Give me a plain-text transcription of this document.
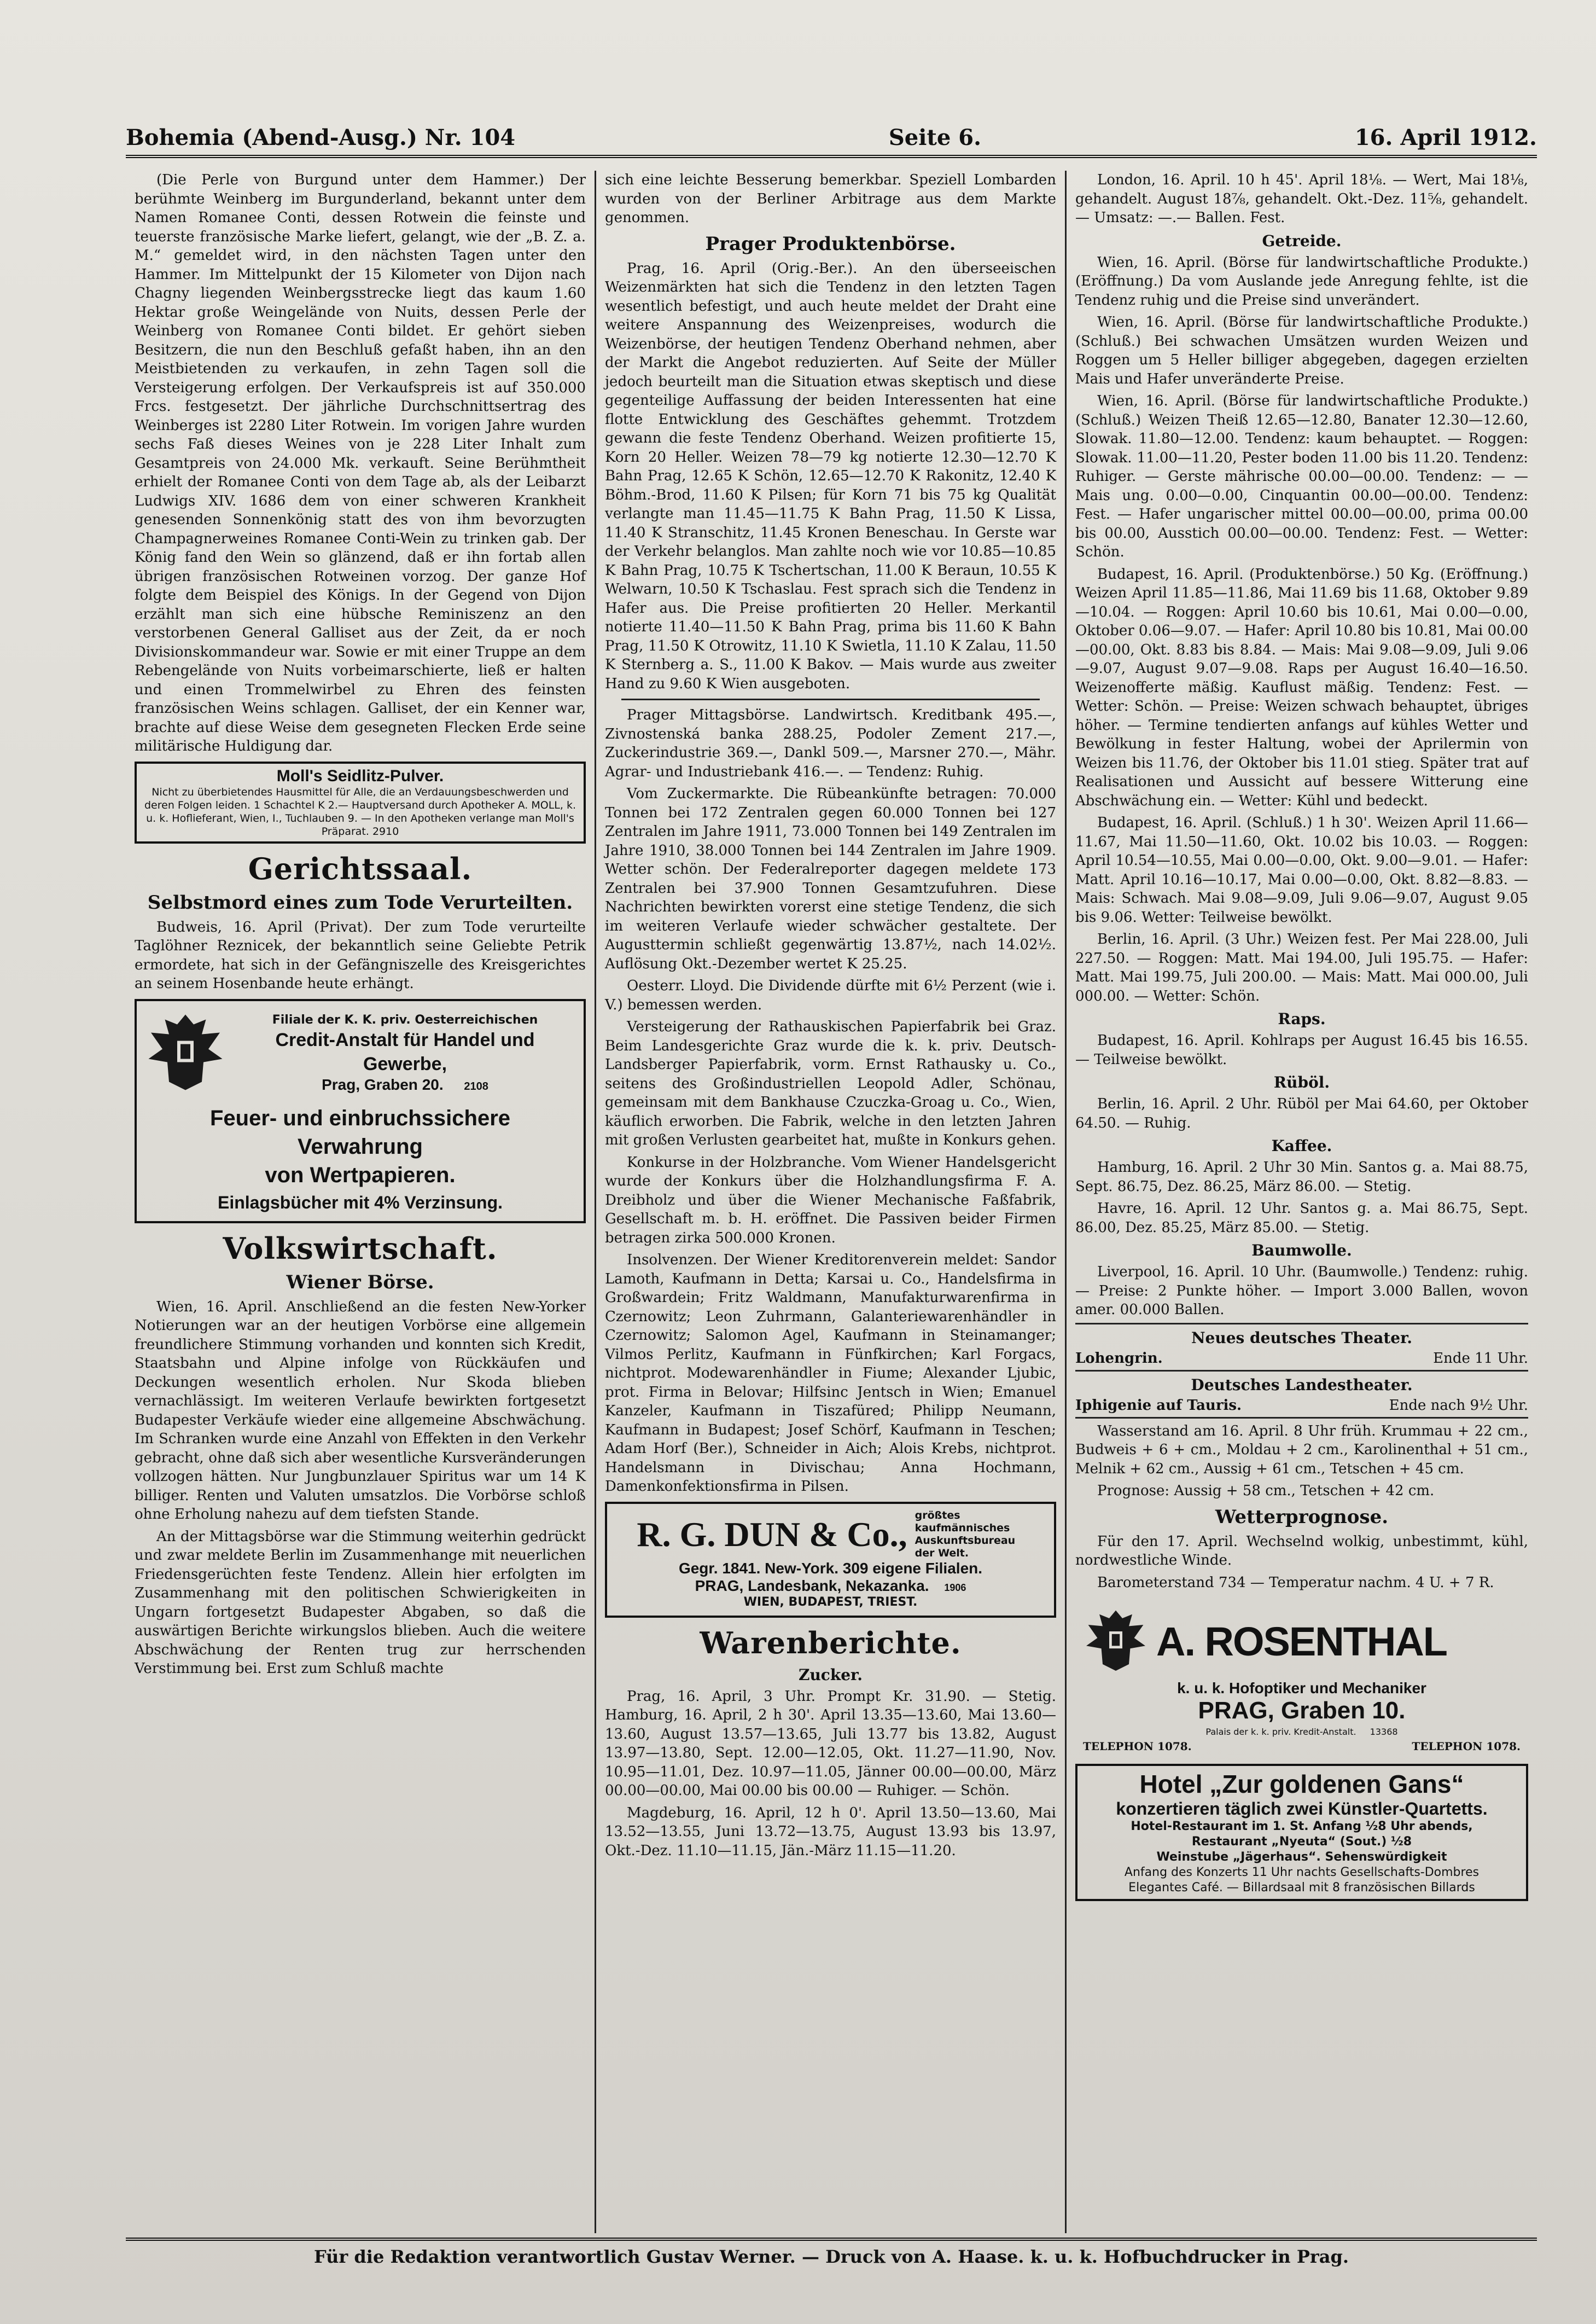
Bohemia (Abend-Ausg.) Nr. 104	Seite 6.	16. April 1912.

(Die Perle von Burgund unter dem Hammer.) Der berühmte Weinberg im Burgunderland, bekannt unter dem Namen Romanee Conti, dessen Rotwein die feinste und teuerste französische Marke liefert, gelangt, wie der „B. Z. a. M.“ gemeldet wird, in den nächsten Tagen unter den Hammer. Im Mittelpunkt der 15 Kilometer von Dijon nach Chagny liegenden Weinbergsstrecke liegt das kaum 1.60 Hektar große Weingelände von Nuits, dessen Perle der Weinberg von Romanee Conti bildet. Er gehört sieben Besitzern, die nun den Beschluß gefaßt haben, ihn an den Meistbietenden zu verkaufen, in zehn Tagen soll die Versteigerung erfolgen. Der Verkaufspreis ist auf 350.000 Frcs. festgesetzt. Der jährliche Durchschnittsertrag des Weinberges ist 2280 Liter Rotwein. Im vorigen Jahre wurden sechs Faß dieses Weines von je 228 Liter Inhalt zum Gesamtpreis von 24.000 Mk. verkauft. Seine Berühmtheit erhielt der Romanee Conti von dem Tage ab, als der Leibarzt Ludwigs XIV. 1686 dem von einer schweren Krankheit genesenden Sonnenkönig statt des von ihm bevorzugten Champagnerweines Romanee Conti-Wein zu trinken gab. Der König fand den Wein so glänzend, daß er ihn fortab allen übrigen französischen Rotweinen vorzog. Der ganze Hof folgte dem Beispiel des Königs. In der Gegend von Dijon erzählt man sich eine hübsche Reminiszenz an den verstorbenen General Galliset aus der Zeit, da er noch Divisionskommandeur war. Sowie er mit einer Truppe an dem Rebengelände von Nuits vorbeimarschierte, ließ er halten und einen Trommelwirbel zu Ehren des feinsten französischen Weins schlagen. Galliset, der ein Kenner war, brachte auf diese Weise dem gesegneten Flecken Erde seine militärische Huldigung dar.

Moll's Seidlitz-Pulver.
Nicht zu überbietendes Hausmittel für Alle, die an Verdauungsbeschwerden und deren Folgen leiden. 1 Schachtel K 2.— Hauptversand durch Apotheker A. MOLL, k. u. k. Hoflieferant, Wien, I., Tuchlauben 9. — In den Apotheken verlange man Moll's Präparat. 2910
Gerichtssaal.
Selbstmord eines zum Tode Verurteilten.

Budweis, 16. April (Privat). Der zum Tode verurteilte Taglöhner Reznicek, der bekanntlich seine Geliebte Petrik ermordete, hat sich in der Gefängniszelle des Kreisgerichtes an seinem Hosenbande heute erhängt.

Filiale der K. K. priv. Oesterreichischen
Credit-Anstalt für Handel und Gewerbe,
Prag, Graben 20. 2108
Feuer- und einbruchssichere Verwahrung
von Wertpapieren.
Einlagsbücher mit 4% Verzinsung.
Volkswirtschaft.
Wiener Börse.

Wien, 16. April. Anschließend an die festen New-Yorker Notierungen war an der heutigen Vorbörse eine allgemein freundlichere Stimmung vorhanden und konnten sich Kredit, Staatsbahn und Alpine infolge von Rückkäufen und Deckungen wesentlich erholen. Nur Skoda blieben vernachlässigt. Im weiteren Verlaufe bewirkten fortgesetzt Budapester Verkäufe wieder eine allgemeine Abschwächung. Im Schranken wurde eine Anzahl von Effekten in den Verkehr gebracht, ohne daß sich aber wesentliche Kursveränderungen vollzogen hätten. Nur Jungbunzlauer Spiritus war um 14 K billiger. Renten und Valuten umsatzlos. Die Vorbörse schloß ohne Erholung nahezu auf dem tiefsten Stande.

An der Mittagsbörse war die Stimmung weiterhin gedrückt und zwar meldete Berlin im Zusammenhange mit neuerlichen Friedensgerüchten feste Tendenz. Allein hier erfolgten im Zusammenhang mit den politischen Schwierigkeiten in Ungarn fortgesetzt Budapester Abgaben, so daß die auswärtigen Berichte wirkungslos blieben. Auch die weitere Abschwächung der Renten trug zur herrschenden Verstimmung bei. Erst zum Schluß machte

sich eine leichte Besserung bemerkbar. Speziell Lombarden wurden von der Berliner Arbitrage aus dem Markte genommen.

Prager Produktenbörse.

Prag, 16. April (Orig.-Ber.). An den überseeischen Weizenmärkten hat sich die Tendenz in den letzten Tagen wesentlich befestigt, und auch heute meldet der Draht eine weitere Anspannung des Weizenpreises, wodurch die Weizenbörse, der heutigen Tendenz Oberhand nehmen, aber der Markt die Angebot reduzierten. Auf Seite der Müller jedoch beurteilt man die Situation etwas skeptisch und diese gegenteilige Auffassung der beiden Interessenten hat eine flotte Entwicklung des Geschäftes gehemmt. Trotzdem gewann die feste Tendenz Oberhand. Weizen profitierte 15, Korn 20 Heller. Weizen 78—79 kg notierte 12.30—12.70 K Bahn Prag, 12.65 K Schön, 12.65—12.70 K Rakonitz, 12.40 K Böhm.-Brod, 11.60 K Pilsen; für Korn 71 bis 75 kg Qualität verlangte man 11.45—11.75 K Bahn Prag, 11.50 K Lissa, 11.40 K Stranschitz, 11.45 Kronen Beneschau. In Gerste war der Verkehr belanglos. Man zahlte noch wie vor 10.85—10.85 K Bahn Prag, 10.75 K Tschertschan, 11.00 K Beraun, 10.55 K Welwarn, 10.50 K Tschaslau. Fest sprach sich die Tendenz in Hafer aus. Die Preise profitierten 20 Heller. Merkantil notierte 11.40—11.50 K Bahn Prag, prima bis 11.60 K Bahn Prag, 11.50 K Otrowitz, 11.10 K Swietla, 11.10 K Zalau, 11.50 K Sternberg a. S., 11.00 K Bakov. — Mais wurde aus zweiter Hand zu 9.60 K Wien ausgeboten.

Prager Mittagsbörse. Landwirtsch. Kreditbank 495.—, Zivnostenská banka 288.25, Podoler Zement 217.—, Zuckerindustrie 369.—, Dankl 509.—, Marsner 270.—, Mähr. Agrar- und Industriebank 416.—. — Tendenz: Ruhig.

Vom Zuckermarkte. Die Rübeankünfte betragen: 70.000 Tonnen bei 172 Zentralen gegen 60.000 Tonnen bei 127 Zentralen im Jahre 1911, 73.000 Tonnen bei 149 Zentralen im Jahre 1910, 38.000 Tonnen bei 144 Zentralen im Jahre 1909. Wetter schön. Der Federalreporter dagegen meldete 173 Zentralen bei 37.900 Tonnen Gesamtzufuhren. Diese Nachrichten bewirkten vorerst eine stetige Tendenz, die sich im weiteren Verlaufe wieder schwächer gestaltete. Der Augusttermin schließt gegenwärtig 13.87½, nach 14.02½. Auflösung Okt.-Dezember wertet K 25.25.

Oesterr. Lloyd. Die Dividende dürfte mit 6½ Perzent (wie i. V.) bemessen werden.

Versteigerung der Rathauskischen Papierfabrik bei Graz. Beim Landesgerichte Graz wurde die k. k. priv. Deutsch-Landsberger Papierfabrik, vorm. Ernst Rathausky u. Co., seitens des Großindustriellen Leopold Adler, Schönau, gemeinsam mit dem Bankhause Czuczka-Groag u. Co., Wien, käuflich erworben. Die Fabrik, welche in den letzten Jahren mit großen Verlusten gearbeitet hat, mußte in Konkurs gehen.

Konkurse in der Holzbranche. Vom Wiener Handelsgericht wurde der Konkurs über die Holzhandlungsfirma F. A. Dreibholz und über die Wiener Mechanische Faßfabrik, Gesellschaft m. b. H. eröffnet. Die Passiven beider Firmen betragen zirka 500.000 Kronen.

Insolvenzen. Der Wiener Kreditorenverein meldet: Sandor Lamoth, Kaufmann in Detta; Karsai u. Co., Handelsfirma in Großwardein; Fritz Waldmann, Manufakturwarenfirma in Czernowitz; Leon Zuhrmann, Galanteriewarenhändler in Czernowitz; Salomon Agel, Kaufmann in Steinamanger; Vilmos Perlitz, Kaufmann in Fünfkirchen; Karl Forgacs, nichtprot. Modewarenhändler in Fiume; Alexander Ljubic, prot. Firma in Belovar; Hilfsinc Jentsch in Wien; Emanuel Kanzeler, Kaufmann in Tiszafüred; Philipp Neumann, Kaufmann in Budapest; Josef Schörf, Kaufmann in Teschen; Adam Horf (Ber.), Schneider in Aich; Alois Krebs, nichtprot. Handelsmann in Divischau; Anna Hochmann, Damenkonfektionsfirma in Pilsen.

R. G. DUN & Co., größtes kaufmännisches Auskunftsbureau der Welt.
Gegr. 1841. New-York. 309 eigene Filialen.
PRAG, Landesbank, Nekazanka. 1906
WIEN, BUDAPEST, TRIEST.
Warenberichte.
Zucker.

Prag, 16. April, 3 Uhr. Prompt Kr. 31.90. — Stetig. Hamburg, 16. April, 2 h 30'. April 13.35—13.60, Mai 13.60—13.60, August 13.57—13.65, Juli 13.77 bis 13.82, August 13.97—13.80, Sept. 12.00—12.05, Okt. 11.27—11.90, Nov. 10.95—11.01, Dez. 10.97—11.05, Jänner 00.00—00.00, März 00.00—00.00, Mai 00.00 bis 00.00 — Ruhiger. — Schön.

Magdeburg, 16. April, 12 h 0'. April 13.50—13.60, Mai 13.52—13.55, Juni 13.72—13.75, August 13.93 bis 13.97, Okt.-Dez. 11.10—11.15, Jän.-März 11.15—11.20.

London, 16. April. 10 h 45'. April 18⅛. — Wert, Mai 18⅛, gehandelt. August 18⅞, gehandelt. Okt.-Dez. 11⅝, gehandelt. — Umsatz: —.— Ballen. Fest.

Getreide.

Wien, 16. April. (Börse für landwirtschaftliche Produkte.) (Eröffnung.) Da vom Auslande jede Anregung fehlte, ist die Tendenz ruhig und die Preise sind unverändert.

Wien, 16. April. (Börse für landwirtschaftliche Produkte.) (Schluß.) Bei schwachen Umsätzen wurden Weizen und Roggen um 5 Heller billiger abgegeben, dagegen erzielten Mais und Hafer unveränderte Preise.

Wien, 16. April. (Börse für landwirtschaftliche Produkte.) (Schluß.) Weizen Theiß 12.65—12.80, Banater 12.30—12.60, Slowak. 11.80—12.00. Tendenz: kaum behauptet. — Roggen: Slowak. 11.00—11.20, Pester boden 11.00 bis 11.20. Tendenz: Ruhiger. — Gerste mährische 00.00—00.00. Tendenz: — — Mais ung. 0.00—0.00, Cinquantin 00.00—00.00. Tendenz: Fest. — Hafer ungarischer mittel 00.00—00.00, prima 00.00 bis 00.00, Ausstich 00.00—00.00. Tendenz: Fest. — Wetter: Schön.

Budapest, 16. April. (Produktenbörse.) 50 Kg. (Eröffnung.) Weizen April 11.85—11.86, Mai 11.69 bis 11.68, Oktober 9.89—10.04. — Roggen: April 10.60 bis 10.61, Mai 0.00—0.00, Oktober 0.06—9.07. — Hafer: April 10.80 bis 10.81, Mai 00.00—00.00, Okt. 8.83 bis 8.84. — Mais: Mai 9.08—9.09, Juli 9.06—9.07, August 9.07—9.08. Raps per August 16.40—16.50. Weizenofferte mäßig. Kauflust mäßig. Tendenz: Fest. — Wetter: Schön. — Preise: Weizen schwach behauptet, übriges höher. — Termine tendierten anfangs auf kühles Wetter und Bewölkung in fester Haltung, wobei der Aprilermin von Weizen bis 11.76, der Oktober bis 11.01 stieg. Später trat auf Realisationen und Aussicht auf bessere Witterung eine Abschwächung ein. — Wetter: Kühl und bedeckt.

Budapest, 16. April. (Schluß.) 1 h 30'. Weizen April 11.66—11.67, Mai 11.50—11.60, Okt. 10.02 bis 10.03. — Roggen: April 10.54—10.55, Mai 0.00—0.00, Okt. 9.00—9.01. — Hafer: Matt. April 10.16—10.17, Mai 0.00—0.00, Okt. 8.82—8.83. — Mais: Schwach. Mai 9.08—9.09, Juli 9.06—9.07, August 9.05 bis 9.06. Wetter: Teilweise bewölkt.

Berlin, 16. April. (3 Uhr.) Weizen fest. Per Mai 228.00, Juli 227.50. — Roggen: Matt. Mai 194.00, Juli 195.75. — Hafer: Matt. Mai 199.75, Juli 200.00. — Mais: Matt. Mai 000.00, Juli 000.00. — Wetter: Schön.

Raps.

Budapest, 16. April. Kohlraps per August 16.45 bis 16.55. — Teilweise bewölkt.

Rüböl.

Berlin, 16. April. 2 Uhr. Rüböl per Mai 64.60, per Oktober 64.50. — Ruhig.

Kaffee.

Hamburg, 16. April. 2 Uhr 30 Min. Santos g. a. Mai 88.75, Sept. 86.75, Dez. 86.25, März 86.00. — Stetig.

Havre, 16. April. 12 Uhr. Santos g. a. Mai 86.75, Sept. 86.00, Dez. 85.25, März 85.00. — Stetig.

Baumwolle.

Liverpool, 16. April. 10 Uhr. (Baumwolle.) Tendenz: ruhig. — Preise: 2 Punkte höher. — Import 3.000 Ballen, wovon amer. 00.000 Ballen.

Neues deutsches Theater.
Lohengrin.	Ende 11 Uhr.
Deutsches Landestheater.
Iphigenie auf Tauris.	Ende nach 9½ Uhr.

Wasserstand am 16. April. 8 Uhr früh. Krummau + 22 cm., Budweis + 6 + cm., Moldau + 2 cm., Karolinenthal + 51 cm., Melnik + 62 cm., Aussig + 61 cm., Tetschen + 45 cm.

Prognose: Aussig + 58 cm., Tetschen + 42 cm.

Wetterprognose.

Für den 17. April. Wechselnd wolkig, unbestimmt, kühl, nordwestliche Winde.

Barometerstand 734 — Temperatur nachm. 4 U. + 7 R.

A. ROSENTHAL
k. u. k. Hofoptiker und Mechaniker
PRAG, Graben 10.
Palais der k. k. priv. Kredit-Anstalt. 13368
TELEPHON 1078.	TELEPHON 1078.
Hotel „Zur goldenen Gans“
konzertieren täglich zwei Künstler-Quartetts.
Hotel-Restaurant im 1. St. Anfang ½8 Uhr abends,
Restaurant „Nyeuta“ (Sout.) ½8
Weinstube „Jägerhaus“. Sehenswürdigkeit
Anfang des Konzerts 11 Uhr nachts Gesellschafts-Dombres
Elegantes Café. — Billardsaal mit 8 französischen Billards
Für die Redaktion verantwortlich Gustav Werner. — Druck von A. Haase. k. u. k. Hofbuchdrucker in Prag.
